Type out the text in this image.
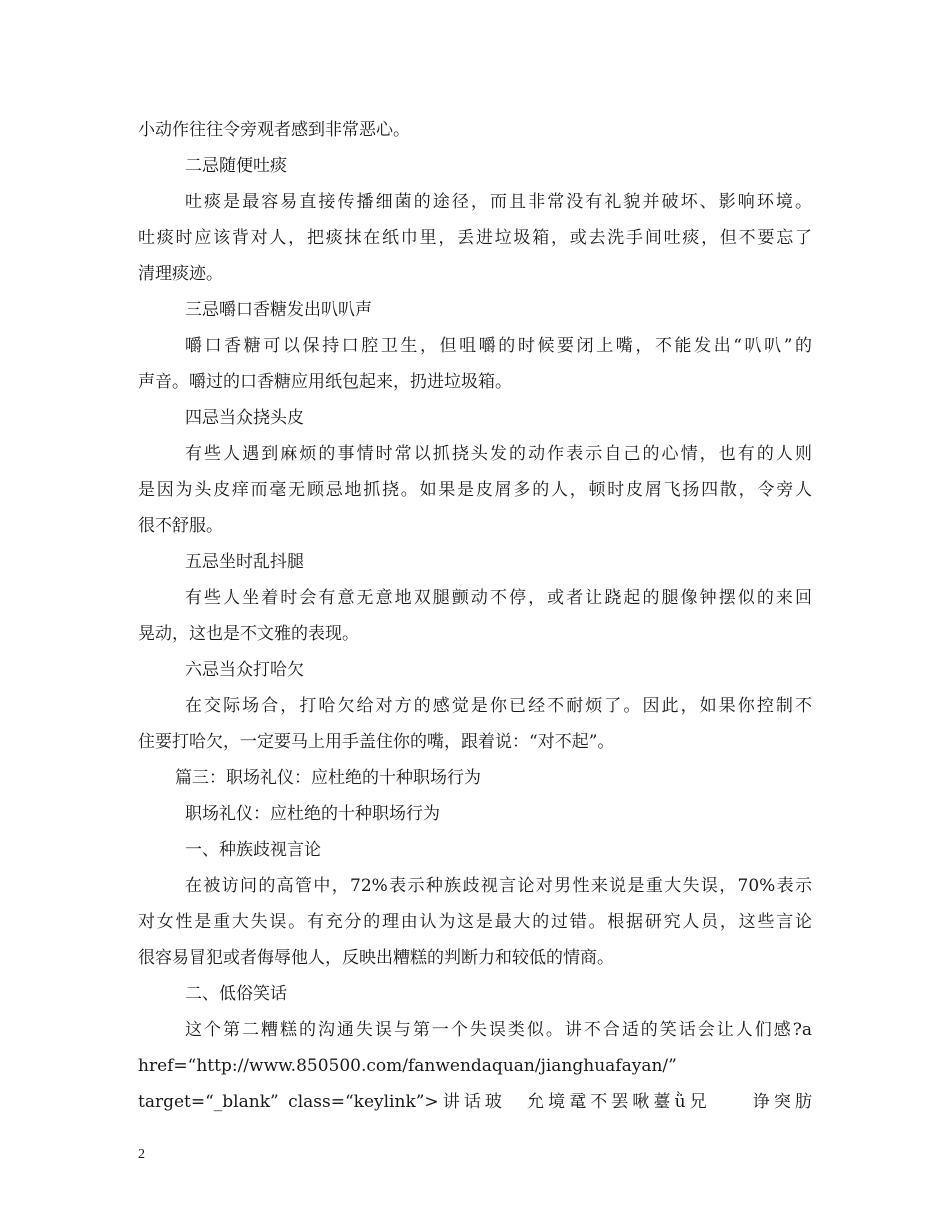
小动作往往令旁观者感到非常恶心。
二忌随便吐痰
吐痰是最容易直接传播细菌的途径，而且非常没有礼貌并破坏、影响环境。
吐痰时应该背对人，把痰抹在纸巾里，丢进垃圾箱，或去洗手间吐痰，但不要忘了
清理痰迹。
三忌嚼口香糖发出叭叭声
嚼口香糖可以保持口腔卫生，但咀嚼的时候要闭上嘴，不能发出“叭叭”的
声音。嚼过的口香糖应用纸包起来，扔进垃圾箱。
四忌当众挠头皮
有些人遇到麻烦的事情时常以抓挠头发的动作表示自己的心情，也有的人则
是因为头皮痒而毫无顾忌地抓挠。如果是皮屑多的人，顿时皮屑飞扬四散，令旁人
很不舒服。
五忌坐时乱抖腿
有些人坐着时会有意无意地双腿颤动不停，或者让跷起的腿像钟摆似的来回
晃动，这也是不文雅的表现。
六忌当众打哈欠
在交际场合，打哈欠给对方的感觉是你已经不耐烦了。因此，如果你控制不
住要打哈欠，一定要马上用手盖住你的嘴，跟着说：“对不起”。
篇三：职场礼仪：应杜绝的十种职场行为
职场礼仪：应杜绝的十种职场行为
一、种族歧视言论
在被访问的高管中，72%表示种族歧视言论对男性来说是重大失误，70%表示
对女性是重大失误。有充分的理由认为这是最大的过错。根据研究人员，这些言论
很容易冒犯或者侮辱他人，反映出糟糕的判断力和较低的情商。
二、低俗笑话
这个第二糟糕的沟通失误与第一个失误类似。讲不合适的笑话会让人们感?a
href=“http://www.850500.com/fanwendaquan/jianghuafayan/”
target=“_blank” class=“keylink”>讲话玻　允境鼋不罢啾薹ǜ兄　　诤突肪
2
